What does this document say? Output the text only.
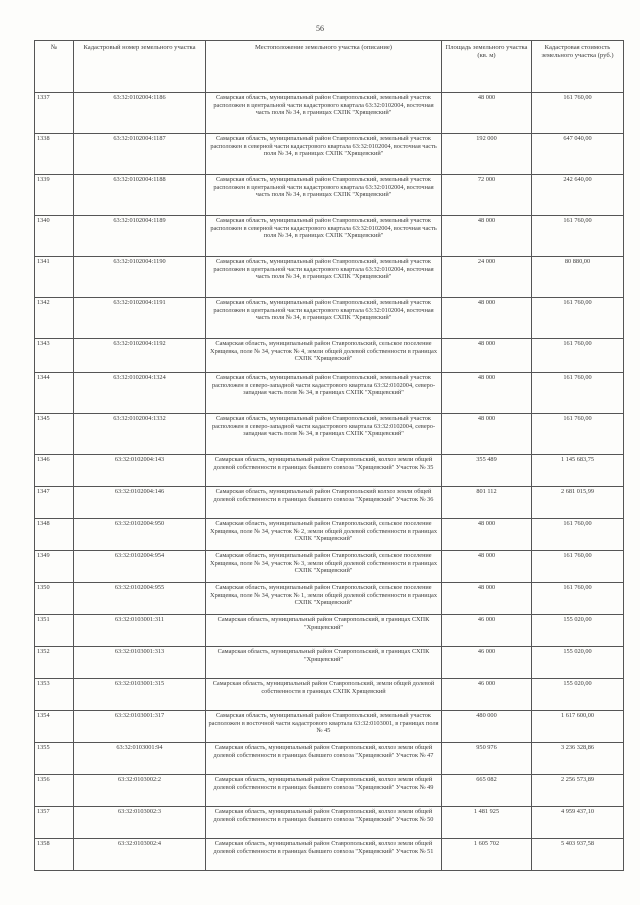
56
№	Кадастровый номер земельного участка	Местоположение земельного участка (описание)	Площадь земельного участка (кв. м)	Кадастровая стоимость земельного участка (руб.)
1337	63:32:0102004:1186	Самарская область, муниципальный район Ставропольский, земельный участок расположен в центральной части кадастрового квартала 63:32:0102004, восточная часть поля № 34, в границах СХПК "Хрящевский"	48 000	161 760,00
1338	63:32:0102004:1187	Самарская область, муниципальный район Ставропольский, земельный участок расположен в северной части кадастрового квартала 63:32:0102004, восточная часть поля № 34, в границах СХПК "Хрящевский"	192 000	647 040,00
1339	63:32:0102004:1188	Самарская область, муниципальный район Ставропольский, земельный участок расположен в центральной части кадастрового квартала 63:32:0102004, восточная часть поля № 34, в границах СХПК "Хрящевский"	72 000	242 640,00
1340	63:32:0102004:1189	Самарская область, муниципальный район Ставропольский, земельный участок расположен в северной части кадастрового квартала 63:32:0102004, восточная часть поля № 34, в границах СХПК "Хрящевский"	48 000	161 760,00
1341	63:32:0102004:1190	Самарская область, муниципальный район Ставропольский, земельный участок расположен в центральной части кадастрового квартала 63:32:0102004, восточная часть поля № 34, в границах СХПК "Хрящевский"	24 000	80 880,00
1342	63:32:0102004:1191	Самарская область, муниципальный район Ставропольский, земельный участок расположен в центральной части кадастрового квартала 63:32:0102004, восточная часть поля № 34, в границах СХПК "Хрящевский"	48 000	161 760,00
1343	63:32:0102004:1192	Самарская область, муниципальный район Ставропольский, сельское поселение Хрящевка, поле № 34, участок № 4, земли общей долевой собственности в границах СХПК "Хрящевский"	48 000	161 760,00
1344	63:32:0102004:1324	Самарская область, муниципальный район Ставропольский, земельный участок расположен в северо-западной части кадастрового квартала 63:32:0102004, северо-западная часть поля № 34, в границах СХПК "Хрящевский"	48 000	161 760,00
1345	63:32:0102004:1332	Самарская область, муниципальный район Ставропольский, земельный участок расположен в северо-западной части кадастрового квартала 63:32:0102004, северо-западная часть поля № 34, в границах СХПК "Хрящевский"	48 000	161 760,00
1346	63:32:0102004:143	Самарская область, муниципальный район Ставропольский, колхоз земли общей долевой собственности в границах бывшего совхоза "Хрящевский" Участок № 35	355 489	1 145 683,75
1347	63:32:0102004:146	Самарская область, муниципальный район Ставропольский колхоз земли общей долевой собственности в границах бывшего совхоза "Хрящевский" Участок № 36	801 112	2 681 015,99
1348	63:32:0102004:950	Самарская область, муниципальный район Ставропольский, сельское поселение Хрящевка, поле № 34, участок № 2, земли общей долевой собственности в границах СХПК "Хрящевский"	48 000	161 760,00
1349	63:32:0102004:954	Самарская область, муниципальный район Ставропольский, сельское поселение Хрящевка, поле № 34, участок № 3, земли общей долевой собственности в границах СХПК "Хрящевский"	48 000	161 760,00
1350	63:32:0102004:955	Самарская область, муниципальный район Ставропольский, сельское поселение Хрящевка, поле № 34, участок № 1, земли общей долевой собственности в границах СХПК "Хрящевский"	48 000	161 760,00
1351	63:32:0103001:311	Самарская область, муниципальный район Ставропольский, в границах СХПК "Хрящевский"	46 000	155 020,00
1352	63:32:0103001:313	Самарская область, муниципальный район Ставропольский, в границах СХПК "Хрящевский"	46 000	155 020,00
1353	63:32:0103001:315	Самарская область, муниципальный район Ставропольский, земли общей долевой собственности в границах СХПК Хрящевский	46 000	155 020,00
1354	63:32:0103001:317	Самарская область, муниципальный район Ставропольский, земельный участок расположен в восточной части кадастрового квартала 63:32:0103001, в границах поля № 45	480 000	1 617 600,00
1355	63:32:0103001:94	Самарская область, муниципальный район Ставропольский, колхоз земли общей долевой собственности в границах бывшего совхоза "Хрящевский" Участок № 47	950 976	3 236 328,86
1356	63:32:0103002:2	Самарская область, муниципальный район Ставропольский, колхоз земли общей долевой собственности в границах бывшего совхоза "Хрящевский" Участок № 49	665 082	2 256 573,89
1357	63:32:0103002:3	Самарская область, муниципальный район Ставропольский, колхоз земли общей долевой собственности в границах бывшего совхоза "Хрящевский" Участок № 50	1 481 925	4 959 437,10
1358	63:32:0103002:4	Самарская область, муниципальный район Ставропольский, колхоз земли общей долевой собственности в границах бывшего совхоза "Хрящевский" Участок № 51	1 605 702	5 403 937,58
